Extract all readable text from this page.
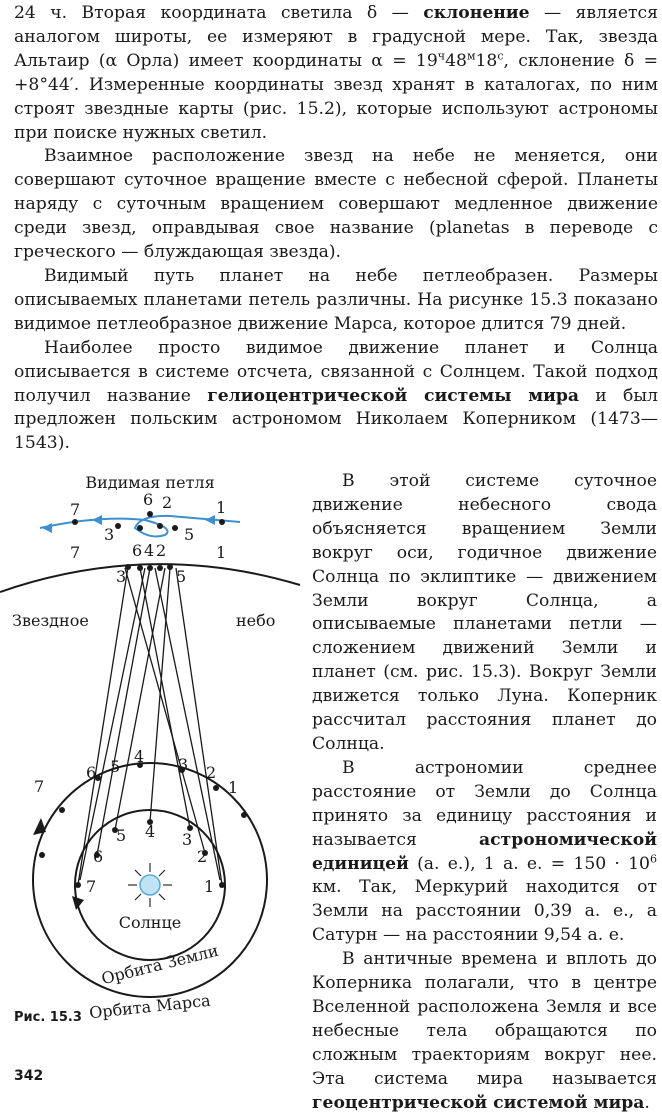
24 ч. Вторая координата светила δ — склонение — является аналогом широты, ее измеряют в градусной мере. Так, звезда Альтаир (α Орла) имеет координаты $\alpha = 19^ч48^м18^с$, склонение δ = +8°44′. Измеренные координаты звезд хранят в каталогах, по ним строят звездные карты (рис. 15.2), которые используют астрономы при поиске нужных светил.

Взаимное расположение звезд на небе не меняется, они совершают суточное вращение вместе с небесной сферой. Планеты наряду с суточным вращением совершают медленное движение среди звезд, оправдывая свое название (planetas в переводе с греческого — блуждающая звезда).

Видимый путь планет на небе петлеобразен. Размеры описываемых планетами петель различны. На рисунке 15.3 показано видимое петлеобразное движение Марса, которое длится 79 дней.

Наиболее просто видимое движение планет и Солнца описывается в системе отсчета, связанной с Солнцем. Такой подход получил название гелиоцентрической системы мира и был предложен польским астрономом Николаем Коперником (1473—1543).

В этой системе суточное движение небесного свода объясняется вращением Земли вокруг оси, годичное движение Солнца по эклиптике — движением Земли вокруг Солнца, а описываемые планетами петли — сложением движений Земли и планет (см. рис. 15.3). Вокруг Земли движется только Луна. Коперник рассчитал расстояния планет до Солнца.

В астрономии среднее расстояние от Земли до Солнца принято за единицу расстояния и называется астрономической единицей (а. е.), 1 а. е. = $150 \cdot 10^6$ км. Так, Меркурий находится от Земли на расстоянии 0,39 а. е., а Сатурн — на расстоянии 9,54 а. е.

В античные времена и вплоть до Коперника полагали, что в центре Вселенной расположена Земля и все небесные тела обращаются по сложным траекториям вокруг нее. Эта система мира называется геоцентрической системой мира.

Видимая петля
Звездное	небо
Солнце
Орбита Земли
Орбита Марса
7
6 2
3	5
1
7	6 4 2	1
3	5
7
6 5
4 3 2
1
7
6
5 4 3
2
1
Рис. 15.3
342
